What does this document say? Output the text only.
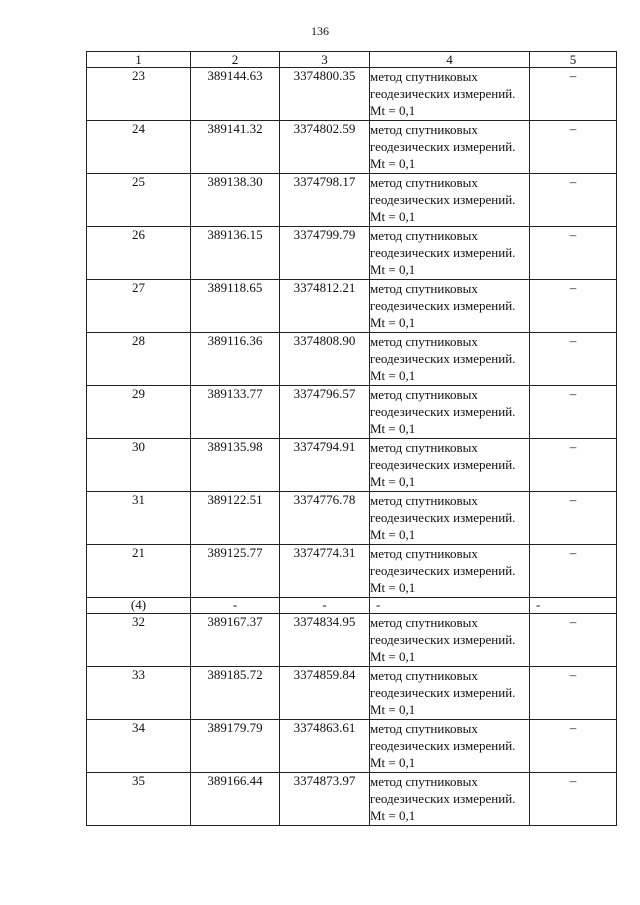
136
1	2	3	4	5
23	389144.63	3374800.35	метод спутниковых геодезических измерений. Mt = 0,1	–
24	389141.32	3374802.59	метод спутниковых геодезических измерений. Mt = 0,1	–
25	389138.30	3374798.17	метод спутниковых геодезических измерений. Mt = 0,1	–
26	389136.15	3374799.79	метод спутниковых геодезических измерений. Mt = 0,1	–
27	389118.65	3374812.21	метод спутниковых геодезических измерений. Mt = 0,1	–
28	389116.36	3374808.90	метод спутниковых геодезических измерений. Mt = 0,1	–
29	389133.77	3374796.57	метод спутниковых геодезических измерений. Mt = 0,1	–
30	389135.98	3374794.91	метод спутниковых геодезических измерений. Mt = 0,1	–
31	389122.51	3374776.78	метод спутниковых геодезических измерений. Mt = 0,1	–
21	389125.77	3374774.31	метод спутниковых геодезических измерений. Mt = 0,1	–
(4)	-	-	-	-
32	389167.37	3374834.95	метод спутниковых геодезических измерений. Mt = 0,1	–
33	389185.72	3374859.84	метод спутниковых геодезических измерений. Mt = 0,1	–
34	389179.79	3374863.61	метод спутниковых геодезических измерений. Mt = 0,1	–
35	389166.44	3374873.97	метод спутниковых геодезических измерений. Mt = 0,1	–
